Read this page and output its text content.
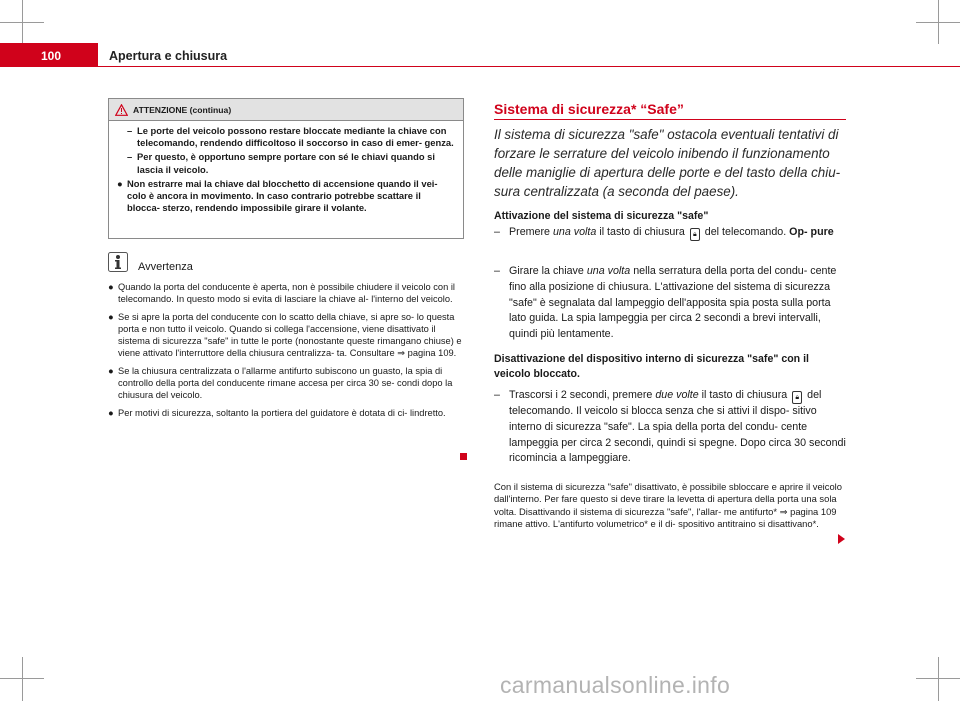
100	Apertura e chiusura
ATTENZIONE (continua)
– Le porte del veicolo possono restare bloccate mediante la chiave con telecomando, rendendo difficoltoso il soccorso in caso di emer- genza.
– Per questo, è opportuno sempre portare con sé le chiavi quando si lascia il veicolo.
● Non estrarre mai la chiave dal blocchetto di accensione quando il vei- colo è ancora in movimento. In caso contrario potrebbe scattare il blocca- sterzo, rendendo impossibile girare il volante.
Avvertenza

● Quando la porta del conducente è aperta, non è possibile chiudere il veicolo con il telecomando. In questo modo si evita di lasciare la chiave al- l'interno del veicolo.

● Se si apre la porta del conducente con lo scatto della chiave, si apre so- lo questa porta e non tutto il veicolo. Quando si collega l'accensione, viene disattivato il sistema di sicurezza "safe" in tutte le porte (nonostante queste rimangano chiuse) e viene attivato l'interruttore della chiusura centralizza- ta. Consultare ⇒ pagina 109.

● Se la chiusura centralizzata o l'allarme antifurto subiscono un guasto, la spia di controllo della porta del conducente rimane accesa per circa 30 se- condi dopo la chiusura del veicolo.

● Per motivi di sicurezza, soltanto la portiera del guidatore è dotata di ci- lindretto.

Sistema di sicurezza* “Safe”
Il sistema di sicurezza "safe" ostacola eventuali tentativi di forzare le serrature del veicolo inibendo il funzionamento delle maniglie di apertura delle porte e del tasto della chiu- sura centralizzata (a seconda del paese).
Attivazione del sistema di sicurezza "safe"
– Premere una volta il tasto di chiusura 🔒︎ del telecomando. Op- pure
– Girare la chiave una volta nella serratura della porta del condu- cente fino alla posizione di chiusura. L'attivazione del sistema di sicurezza "safe" è segnalata dal lampeggio dell'apposita spia posta sulla porta lato guida. La spia lampeggia per circa 2 secondi a brevi intervalli, quindi più lentamente.
Disattivazione del dispositivo interno di sicurezza "safe" con il veicolo bloccato.
– Trascorsi i 2 secondi, premere due volte il tasto di chiusura 🔒︎ del telecomando. Il veicolo si blocca senza che si attivi il dispo- sitivo interno di sicurezza "safe". La spia della porta del condu- cente lampeggia per circa 2 secondi, quindi si spegne. Dopo circa 30 secondi ricomincia a lampeggiare.
Con il sistema di sicurezza "safe" disattivato, è possibile sbloccare e aprire il veicolo dall'interno. Per fare questo si deve tirare la levetta di apertura della porta una sola volta. Disattivando il sistema di sicurezza "safe", l'allar- me antifurto* ⇒ pagina 109 rimane attivo. L'antifurto volumetrico* e il di- spositivo antitraino si disattivano*.
carmanualsonline.info
